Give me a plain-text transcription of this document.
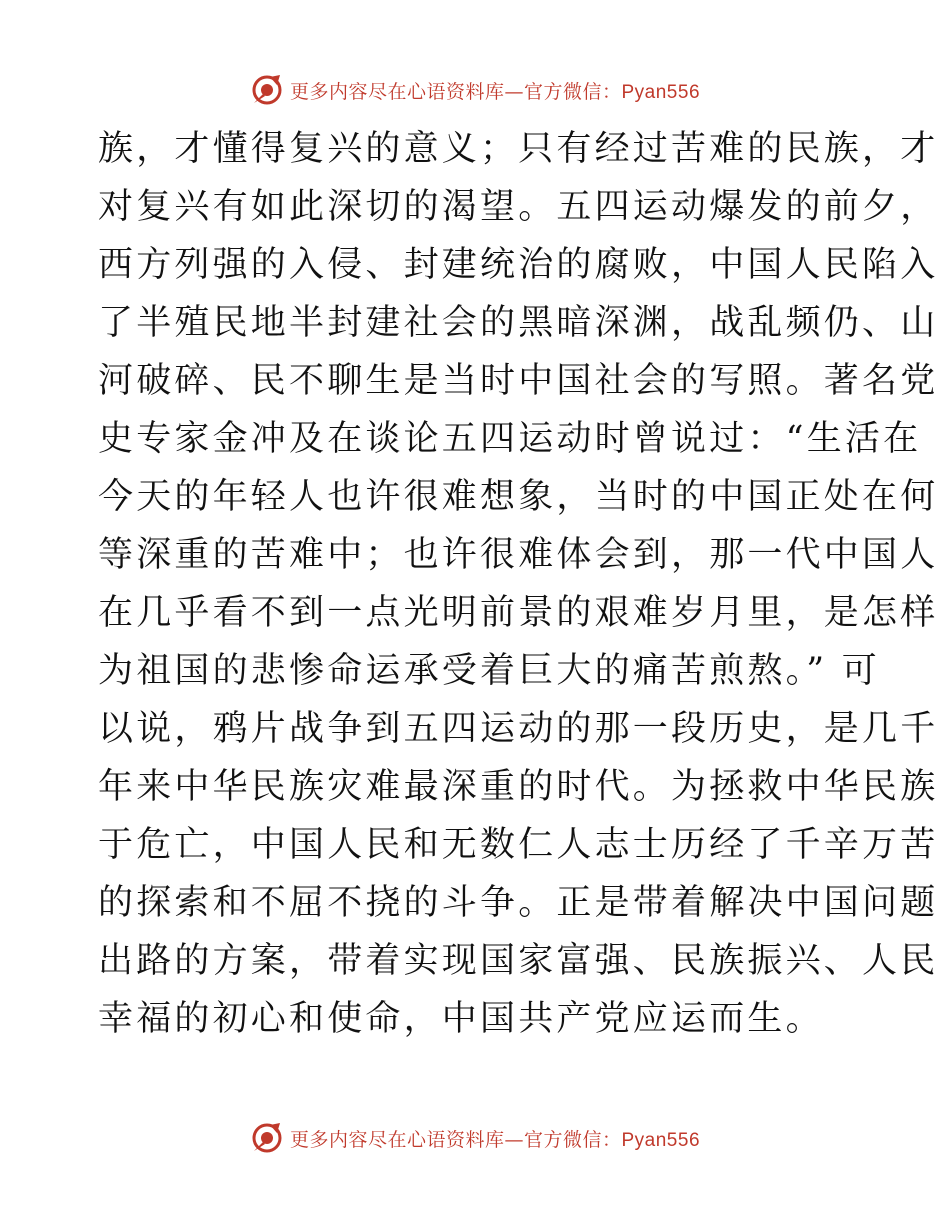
更多内容尽在心语资料库—官方微信：Pyan556
族，才懂得复兴的意义；只有经过苦难的民族，才
对复兴有如此深切的渴望。五四运动爆发的前夕，
西方列强的入侵、封建统治的腐败，中国人民陷入
了半殖民地半封建社会的黑暗深渊，战乱频仍、山
河破碎、民不聊生是当时中国社会的写照。著名党
史专家金冲及在谈论五四运动时曾说过：“生活在
今天的年轻人也许很难想象，当时的中国正处在何
等深重的苦难中；也许很难体会到，那一代中国人
在几乎看不到一点光明前景的艰难岁月里，是怎样
为祖国的悲惨命运承受着巨大的痛苦煎熬。” 可
以说，鸦片战争到五四运动的那一段历史，是几千
年来中华民族灾难最深重的时代。为拯救中华民族
于危亡，中国人民和无数仁人志士历经了千辛万苦
的探索和不屈不挠的斗争。正是带着解决中国问题
出路的方案，带着实现国家富强、民族振兴、人民
幸福的初心和使命，中国共产党应运而生。
更多内容尽在心语资料库—官方微信：Pyan556
